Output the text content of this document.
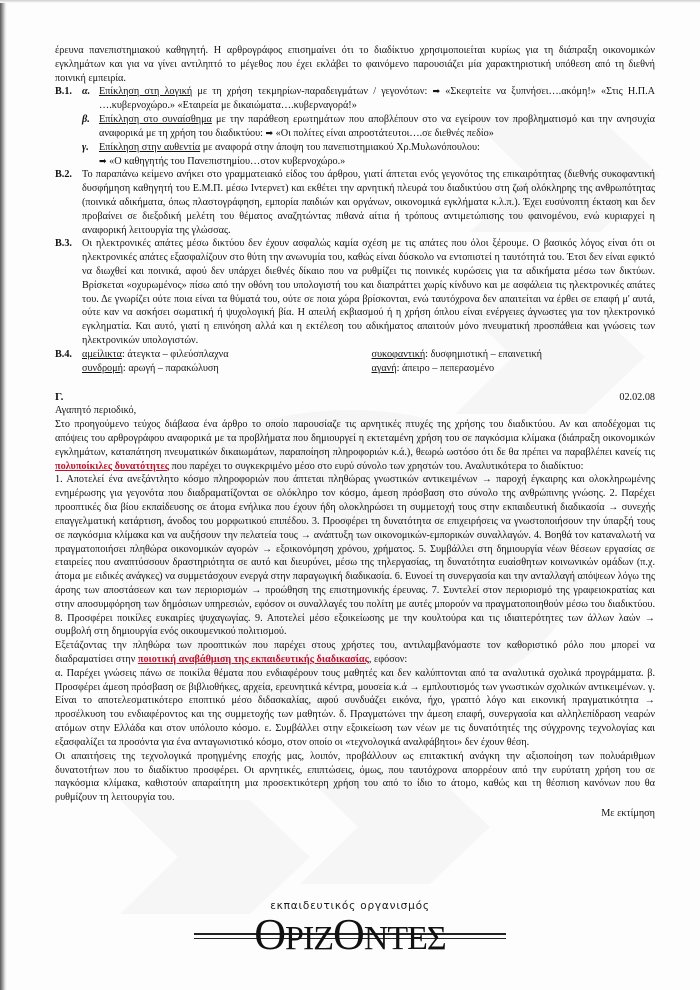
έρευνα πανεπιστημιακού καθηγητή. Η αρθρογράφος επισημαίνει ότι το διαδίκτυο χρησιμοποιείται κυρίως για τη διάπραξη οικονομικών εγκλημάτων και για να γίνει αντιληπτό το μέγεθος που έχει εκλάβει το φαινόμενο παρουσιάζει μία χαρακτηριστική υπόθεση από τη διεθνή ποινική εμπειρία.

Β.1. α. Επίκληση στη λογική με τη χρήση τεκμηρίων-παραδειγμάτων / γεγονότων: ➡ «Σκεφτείτε να ξυπνήσει….ακόμη!» «Στις Η.Π.Α ….κυβερνοχώρο.» «Εταιρεία με δικαιώματα….κυβερναγορά!»
β. Επίκληση στο συναίσθημα με την παράθεση ερωτημάτων που αποβλέπουν στο να εγείρουν τον προβληματισμό και την ανησυχία αναφορικά με τη χρήση του διαδικτύου: ➡ «Οι πολίτες είναι απροστάτευτοι….σε διεθνές πεδίο»
γ.	Επίκληση στην αυθεντία με αναφορά στην άποψη του πανεπιστημιακού Χρ.Μυλωνόπουλου:
➡ «Ο καθηγητής του Πανεπιστημίου…στον κυβερνοχώρο.»
Β.2. Το παραπάνω κείμενο ανήκει στο γραμματειακό είδος του άρθρου, γιατί άπτεται ενός γεγονότος της επικαιρότητας (διεθνής συκοφαντική δυσφήμηση καθηγητή του Ε.Μ.Π. μέσω Ιντερνετ) και εκθέτει την αρνητική πλευρά του διαδικτύου στη ζωή ολόκληρης της ανθρωπότητας (ποινικά αδικήματα, όπως πλαστογράφηση, εμπορία παιδιών και οργάνων, οικονομικά εγκλήματα κ.λ.π.). Έχει ευσύνοπτη έκταση και δεν προβαίνει σε διεξοδική μελέτη του θέματος αναζητώντας πιθανά αίτια ή τρόπους αντιμετώπισης του φαινομένου, ενώ κυριαρχεί η αναφορική λειτουργία της γλώσσας.
Β.3. Οι ηλεκτρονικές απάτες μέσω δικτύου δεν έχουν ασφαλώς καμία σχέση με τις απάτες που όλοι ξέρουμε. Ο βασικός λόγος είναι ότι οι ηλεκτρονικές απάτες εξασφαλίζουν στο θύτη την ανωνυμία του, καθώς είναι δύσκολο να εντοπιστεί η ταυτότητά του. Έτσι δεν είναι εφικτό να διωχθεί και ποινικά, αφού δεν υπάρχει διεθνές δίκαιο που να ρυθμίζει τις ποινικές κυρώσεις για τα αδικήματα μέσω των δικτύων. Βρίσκεται «οχυρωμένος» πίσω από την οθόνη του υπολογιστή του και διαπράττει χωρίς κίνδυνο και με ασφάλεια τις ηλεκτρονικές απάτες του. Δε γνωρίζει ούτε ποια είναι τα θύματά του, ούτε σε ποια χώρα βρίσκονται, ενώ ταυτόχρονα δεν απαιτείται να έρθει σε επαφή μ' αυτά, ούτε καν να ασκήσει σωματική ή ψυχολογική βία. Η απειλή εκβιασμού ή η χρήση όπλου είναι ενέργειες άγνωστες για τον ηλεκτρονικό εγκληματία. Και αυτό, γιατί η επινόηση αλλά και η εκτέλεση του αδικήματος απαιτούν μόνο πνευματική προσπάθεια και γνώσεις των ηλεκτρονικών υπολογιστών.
Β.4. αμείλικτα: άτεγκτα – φιλεύσπλαχνα	συκοφαντική: δυσφημιστική – επαινετική
συνδρομή: αρωγή – παρακώλυση	αγανή: άπειρο – πεπερασμένο
Γ.	02.02.08

Αγαπητό περιοδικό,

Στο προηγούμενο τεύχος διάβασα ένα άρθρο το οποίο παρουσίαζε τις αρνητικές πτυχές της χρήσης του διαδικτύου. Αν και αποδέχομαι τις απόψεις του αρθρογράφου αναφορικά με τα προβλήματα που δημιουργεί η εκτεταμένη χρήση του σε παγκόσμια κλίμακα (διάπραξη οικονομικών εγκλημάτων, καταπάτηση πνευματικών δικαιωμάτων, παραποίηση πληροφοριών κ.ά.), θεωρώ ωστόσο ότι δε θα πρέπει να παραβλέπει κανείς τις πολυποίκιλες δυνατότητες που παρέχει το συγκεκριμένο μέσο στο ευρύ σύνολο των χρηστών του. Αναλυτικότερα το διαδίκτυο:

1. Αποτελεί ένα ανεξάντλητο κόσμο πληροφοριών που άπτεται πληθώρας γνωστικών αντικειμένων → παροχή έγκαιρης και ολοκληρωμένης ενημέρωσης για γεγονότα που διαδραματίζονται σε ολόκληρο τον κόσμο, άμεση πρόσβαση στο σύνολο της ανθρώπινης γνώσης. 2. Παρέχει προοπτικές δια βίου εκπαίδευσης σε άτομα ενήλικα που έχουν ήδη ολοκληρώσει τη συμμετοχή τους στην εκπαιδευτική διαδικασία → συνεχής επαγγελματική κατάρτιση, άνοδος του μορφωτικού επιπέδου. 3. Προσφέρει τη δυνατότητα σε επιχειρήσεις να γνωστοποιήσουν την ύπαρξή τους σε παγκόσμια κλίμακα και να αυξήσουν την πελατεία τους → ανάπτυξη των οικονομικών-εμπορικών συναλλαγών. 4. Βοηθά τον καταναλωτή να πραγματοποιήσει πληθώρα οικονομικών αγορών → εξοικονόμηση χρόνου, χρήματος. 5. Συμβάλλει στη δημιουργία νέων θέσεων εργασίας σε εταιρείες που αναπτύσσουν δραστηριότητα σε αυτό και διευρύνει, μέσω της τηλεργασίας, τη δυνατότητα ευαίσθητων κοινωνικών ομάδων (π.χ. άτομα με ειδικές ανάγκες) να συμμετάσχουν ενεργά στην παραγωγική διαδικασία. 6. Ευνοεί τη συνεργασία και την ανταλλαγή απόψεων λόγω της άρσης των αποστάσεων και των περιορισμών → προώθηση της επιστημονικής έρευνας. 7. Συντελεί στον περιορισμό της γραφειοκρατίας και στην αποσυμφόρηση των δημόσιων υπηρεσιών, εφόσον οι συναλλαγές του πολίτη με αυτές μπορούν να πραγματοποιηθούν μέσω του διαδικτύου. 8. Προσφέρει ποικίλες ευκαιρίες ψυχαγωγίας. 9. Αποτελεί μέσο εξοικείωσης με την κουλτούρα και τις ιδιαιτερότητες των άλλων λαών → συμβολή στη δημιουργία ενός οικουμενικού πολιτισμού.

Εξετάζοντας την πληθώρα των προοπτικών που παρέχει στους χρήστες του, αντιλαμβανόμαστε τον καθοριστικό ρόλο που μπορεί να διαδραματίσει στην ποιοτική αναβάθμιση της εκπαιδευτικής διαδικασίας, εφόσον:

α. Παρέχει γνώσεις πάνω σε ποικίλα θέματα που ενδιαφέρουν τους μαθητές και δεν καλύπτονται από τα αναλυτικά σχολικά προγράμματα. β. Προσφέρει άμεση πρόσβαση σε βιβλιοθήκες, αρχεία, ερευνητικά κέντρα, μουσεία κ.ά → εμπλουτισμός των γνωστικών σχολικών αντικειμένων. γ. Είναι το αποτελεσματικότερο εποπτικό μέσο διδασκαλίας, αφού συνδυάζει εικόνα, ήχο, γραπτό λόγο και εικονική πραγματικότητα → προσέλκυση του ενδιαφέροντος και της συμμετοχής των μαθητών. δ. Πραγματώνει την άμεση επαφή, συνεργασία και αλληλεπίδραση νεαρών ατόμων στην Ελλάδα και στον υπόλοιπο κόσμο. ε. Συμβάλλει στην εξοικείωση των νέων με τις δυνατότητές της σύγχρονης τεχνολογίας και εξασφαλίζει τα προσόντα για ένα ανταγωνιστικό κόσμο, στον οποίο οι «τεχνολογικά αναλφάβητοι» δεν έχουν θέση.

Οι απαιτήσεις της τεχνολογικά προηγμένης εποχής μας, λοιπόν, προβάλλουν ως επιτακτική ανάγκη την αξιοποίηση των πολυάριθμων δυνατοτήτων που το διαδίκτυο προσφέρει. Οι αρνητικές, επιπτώσεις, όμως, που ταυτόχρονα απορρέουν από την ευρύτατη χρήση του σε παγκόσμια κλίμακα, καθιστούν απαραίτητη μια προσεκτικότερη χρήση του από το ίδιο το άτομο, καθώς και τη θέσπιση κανόνων που θα ρυθμίζουν τη λειτουργία του.

Με εκτίμηση

εκπαιδευτικός οργανισμός
ΟΡΙΖΟΝΤΕΣ
